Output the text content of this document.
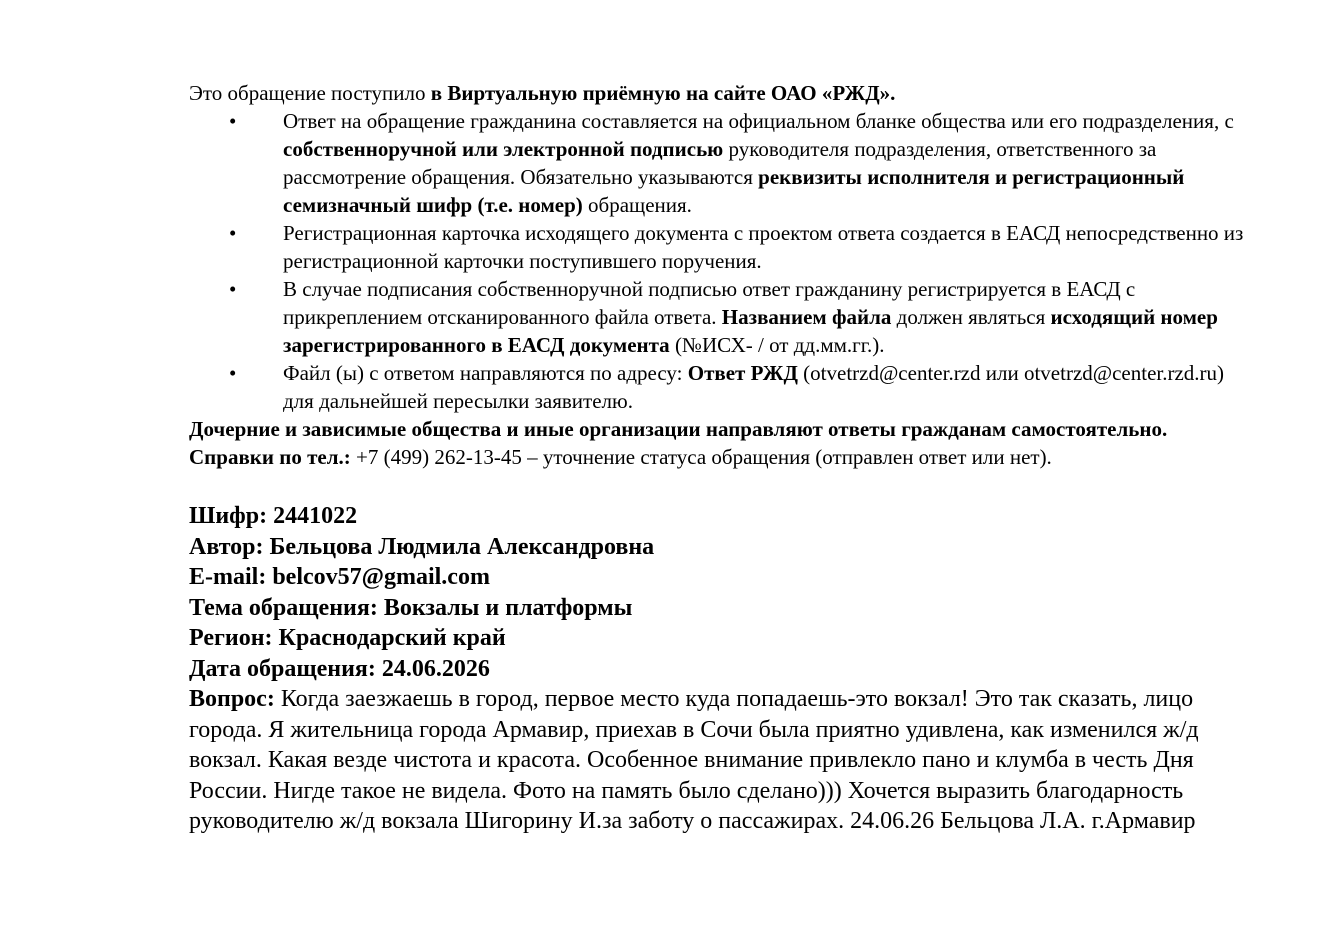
Это обращение поступило в Виртуальную приёмную на сайте ОАО «РЖД».

• Ответ на обращение гражданина составляется на официальном бланке общества или его подразделения, с собственноручной или электронной подписью руководителя подразделения, ответственного за рассмотрение обращения. Обязательно указываются реквизиты исполнителя и регистрационный семизначный шифр (т.е. номер) обращения.
• Регистрационная карточка исходящего документа с проектом ответа создается в ЕАСД непосредственно из регистрационной карточки поступившего поручения.
• В случае подписания собственноручной подписью ответ гражданину регистрируется в ЕАСД с прикреплением отсканированного файла ответа. Названием файла должен являться исходящий номер зарегистрированного в ЕАСД документа (№ИСХ- / от дд.мм.гг.).
• Файл (ы) с ответом направляются по адресу: Ответ РЖД (otvetrzd@center.rzd или otvetrzd@center.rzd.ru) для дальнейшей пересылки заявителю.

Дочерние и зависимые общества и иные организации направляют ответы гражданам самостоятельно.

Справки по тел.: +7 (499) 262-13-45 – уточнение статуса обращения (отправлен ответ или нет).

Шифр: 2441022

Автор: Бельцова Людмила Александровна

E-mail: belcov57@gmail.com

Тема обращения: Вокзалы и платформы

Регион: Краснодарский край

Дата обращения: 24.06.2026

Вопрос: Когда заезжаешь в город, первое место куда попадаешь-это вокзал! Это так сказать, лицо города. Я жительница города Армавир, приехав в Сочи была приятно удивлена, как изменился ж/д вокзал. Какая везде чистота и красота. Особенное внимание привлекло пано и клумба в честь Дня России. Нигде такое не видела. Фото на память было сделано))) Хочется выразить благодарность руководителю ж/д вокзала Шигорину И.за заботу о пассажирах. 24.06.26 Бельцова Л.А. г.Армавир
